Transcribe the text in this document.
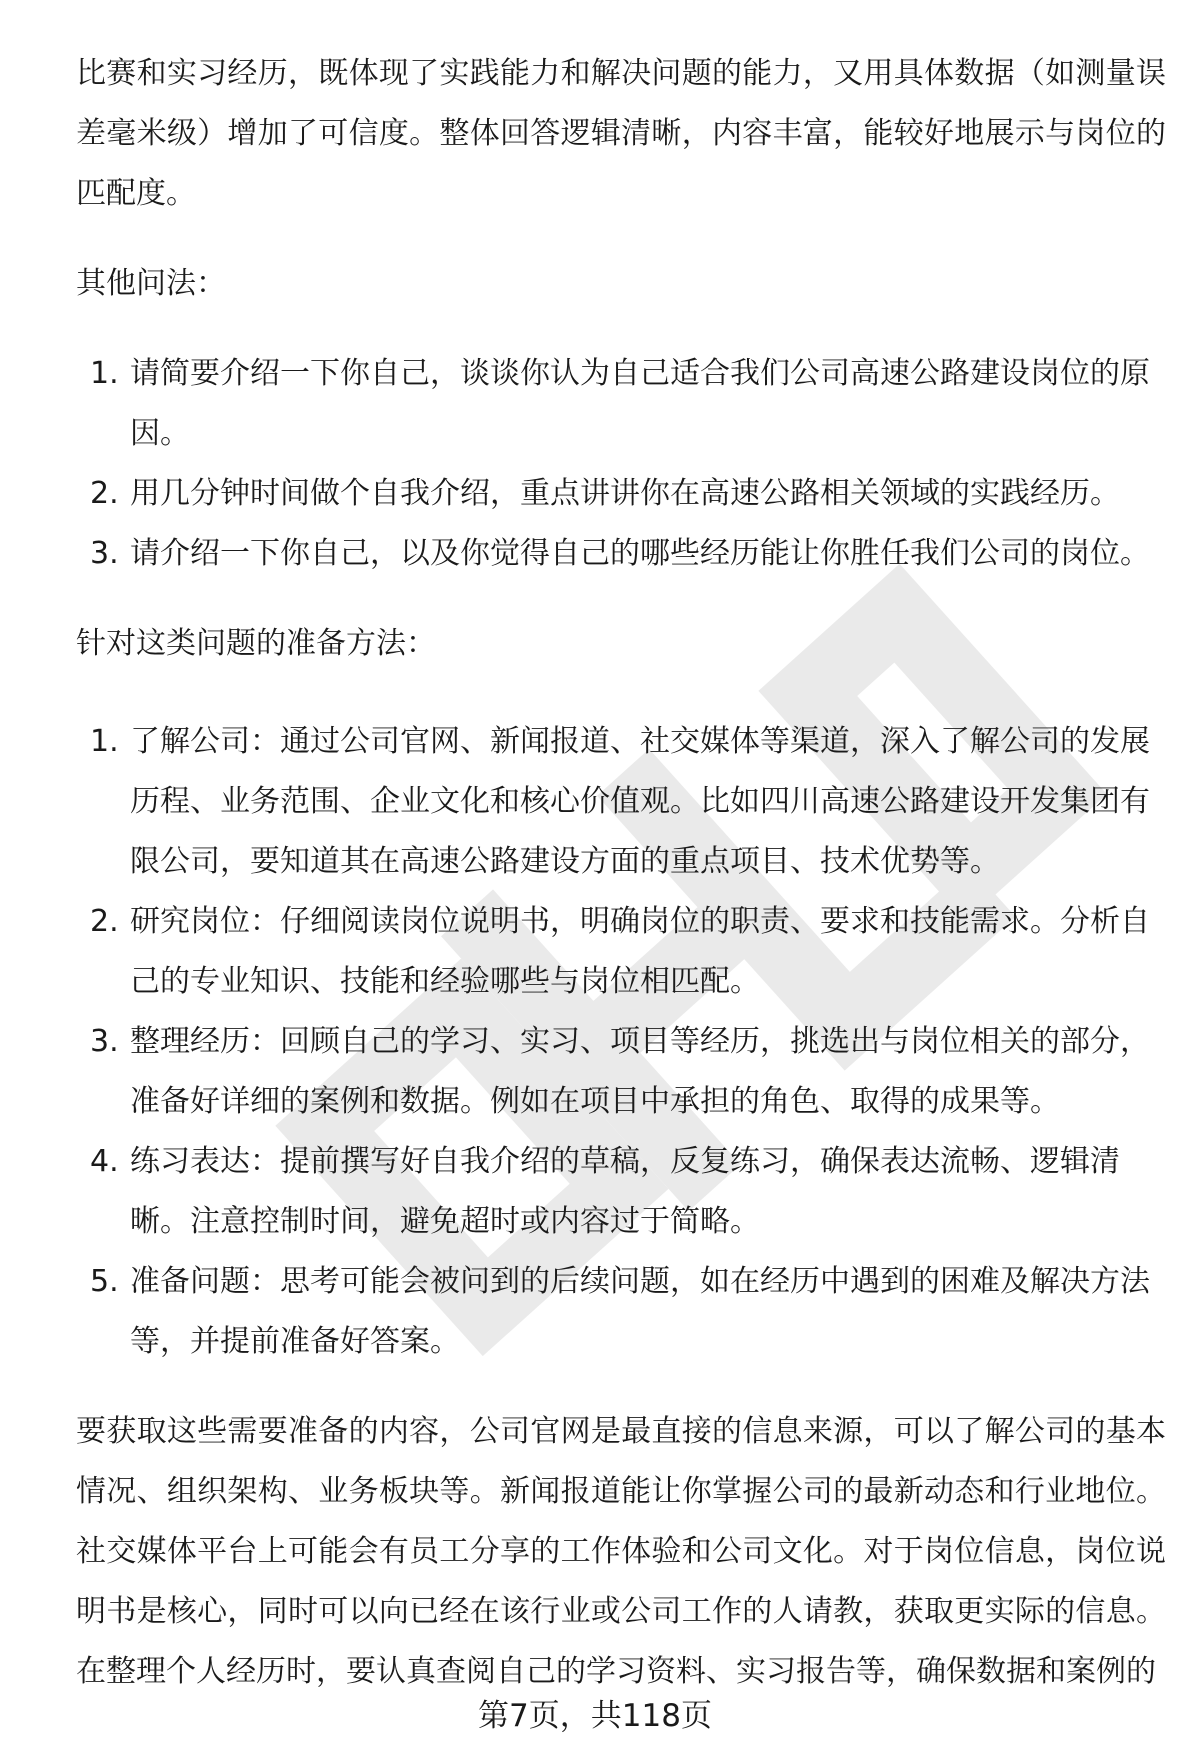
比赛和实习经历，既体现了实践能力和解决问题的能力，又用具体数据（如测量误差毫米级）增加了可信度。整体回答逻辑清晰，内容丰富，能较好地展示与岗位的匹配度。

其他问法：

1. 请简要介绍一下你自己，谈谈你认为自己适合我们公司高速公路建设岗位的原因。
2. 用几分钟时间做个自我介绍，重点讲讲你在高速公路相关领域的实践经历。
3. 请介绍一下你自己，以及你觉得自己的哪些经历能让你胜任我们公司的岗位。

针对这类问题的准备方法：

1. 了解公司：通过公司官网、新闻报道、社交媒体等渠道，深入了解公司的发展历程、业务范围、企业文化和核心价值观。比如四川高速公路建设开发集团有限公司，要知道其在高速公路建设方面的重点项目、技术优势等。
2. 研究岗位：仔细阅读岗位说明书，明确岗位的职责、要求和技能需求。分析自己的专业知识、技能和经验哪些与岗位相匹配。
3. 整理经历：回顾自己的学习、实习、项目等经历，挑选出与岗位相关的部分，准备好详细的案例和数据。例如在项目中承担的角色、取得的成果等。
4. 练习表达：提前撰写好自我介绍的草稿，反复练习，确保表达流畅、逻辑清晰。注意控制时间，避免超时或内容过于简略。
5. 准备问题：思考可能会被问到的后续问题，如在经历中遇到的困难及解决方法等，并提前准备好答案。

要获取这些需要准备的内容，公司官网是最直接的信息来源，可以了解公司的基本情况、组织架构、业务板块等。新闻报道能让你掌握公司的最新动态和行业地位。社交媒体平台上可能会有员工分享的工作体验和公司文化。对于岗位信息，岗位说明书是核心，同时可以向已经在该行业或公司工作的人请教，获取更实际的信息。在整理个人经历时，要认真查阅自己的学习资料、实习报告等，确保数据和案例的

第7页，共118页
